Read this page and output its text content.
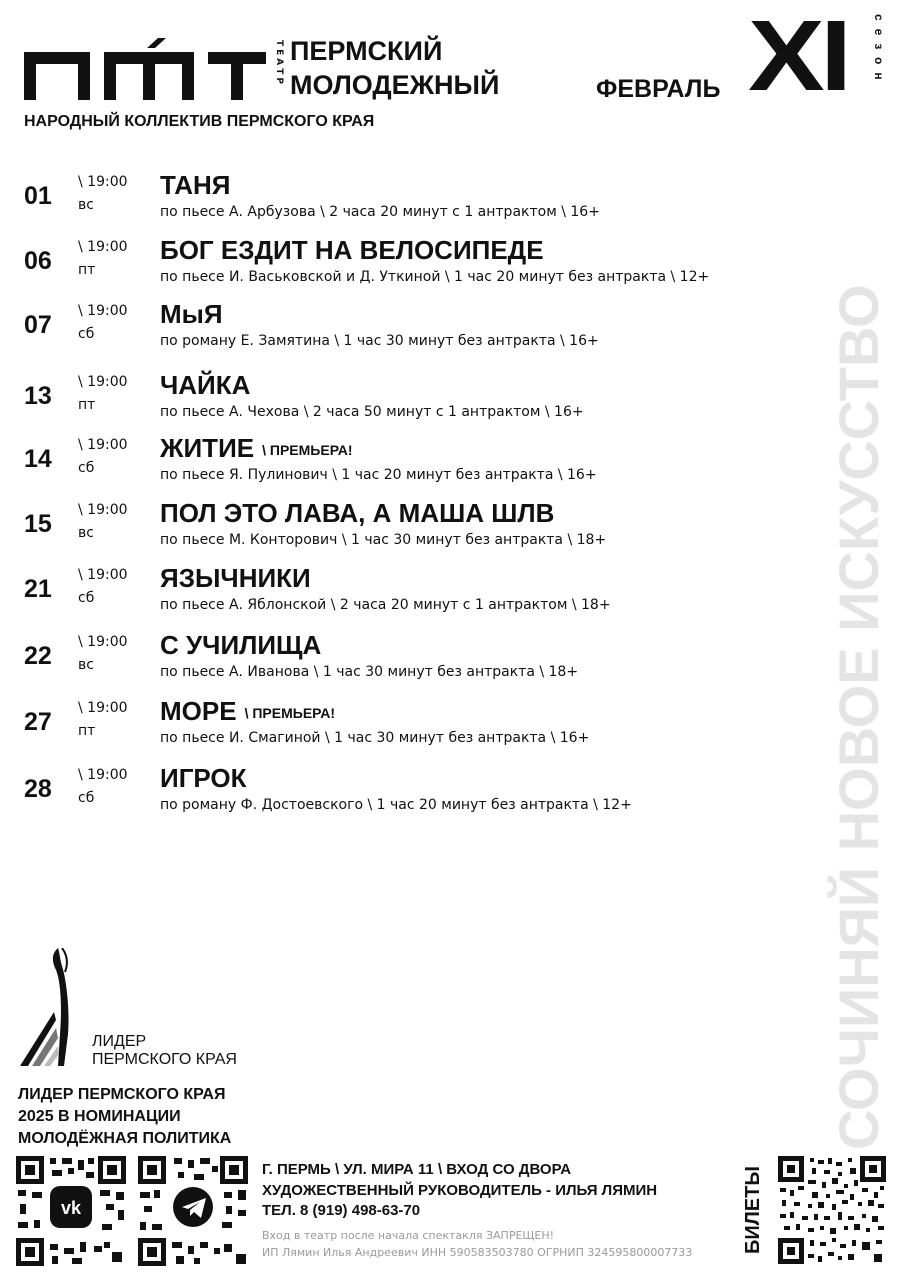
ТЕАТР ПЕРМСКИЙ
МОЛОДЕЖНЫЙ
НАРОДНЫЙ КОЛЛЕКТИВ ПЕРМСКОГО КРАЯ
ФЕВРАЛЬ XI сезон
СОЧИНЯЙ НОВОЕ ИСКУССТВО
01 \ 19:00
вс
ТАНЯ
по пьесе А. Арбузова \ 2 часа 20 минут с 1 антрактом \ 16+
06 \ 19:00
пт
БОГ ЕЗДИТ НА ВЕЛОСИПЕДЕ
по пьесе И. Васьковской и Д. Уткиной \ 1 час 20 минут без антракта \ 12+
07 \ 19:00
сб
МыЯ
по роману Е. Замятина \ 1 час 30 минут без антракта \ 16+
13 \ 19:00
пт
ЧАЙКА
по пьесе А. Чехова \ 2 часа 50 минут с 1 антрактом \ 16+
14 \ 19:00
сб
ЖИТИЕ \ ПРЕМЬЕРА!
по пьесе Я. Пулинович \ 1 час 20 минут без антракта \ 16+
15 \ 19:00
вс
ПОЛ ЭТО ЛАВА, А МАША ШЛВ
по пьесе М. Конторович \ 1 час 30 минут без антракта \ 18+
21 \ 19:00
сб
ЯЗЫЧНИКИ
по пьесе А. Яблонской \ 2 часа 20 минут с 1 антрактом \ 18+
22 \ 19:00
вс
С УЧИЛИЩА
по пьесе А. Иванова \ 1 час 30 минут без антракта \ 18+
27 \ 19:00
пт
МОРЕ \ ПРЕМЬЕРА!
по пьесе И. Смагиной \ 1 час 30 минут без антракта \ 16+
28 \ 19:00
сб
ИГРОК
по роману Ф. Достоевского \ 1 час 20 минут без антракта \ 12+
ЛИДЕР
ПЕРМСКОГО КРАЯ
ЛИДЕР ПЕРМСКОГО КРАЯ
2025 В НОМИНАЦИИ
МОЛОДЁЖНАЯ ПОЛИТИКА
vk
Г. ПЕРМЬ \ УЛ. МИРА 11 \ ВХОД СО ДВОРА
ХУДОЖЕСТВЕННЫЙ РУКОВОДИТЕЛЬ - ИЛЬЯ ЛЯМИН
ТЕЛ. 8 (919) 498-63-70
Вход в театр после начала спектакля ЗАПРЕЩЕН!
ИП Лямин Илья Андреевич ИНН 590583503780 ОГРНИП 324595800007733 БИЛЕТЫ
